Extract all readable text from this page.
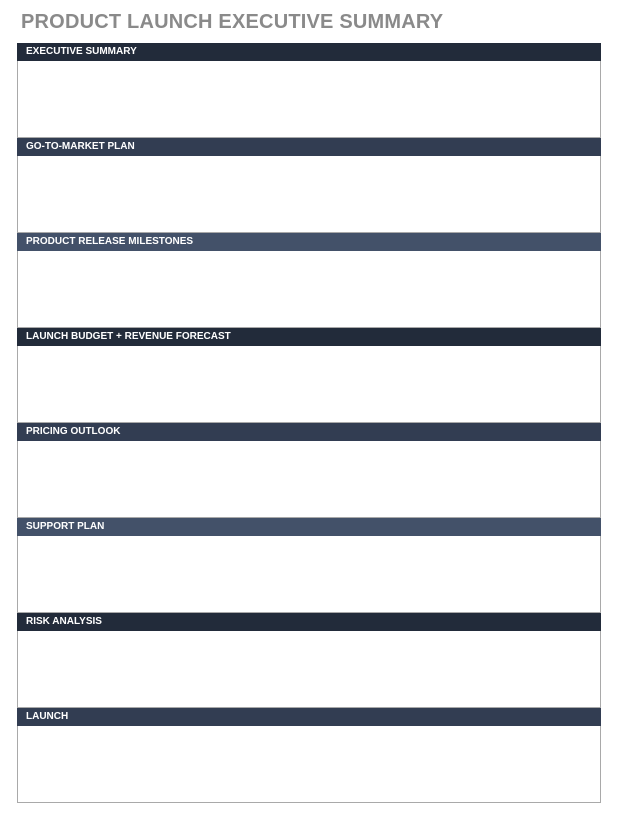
PRODUCT LAUNCH EXECUTIVE SUMMARY
EXECUTIVE SUMMARY
GO-TO-MARKET PLAN
PRODUCT RELEASE MILESTONES
LAUNCH BUDGET + REVENUE FORECAST
PRICING OUTLOOK
SUPPORT PLAN
RISK ANALYSIS
LAUNCH
